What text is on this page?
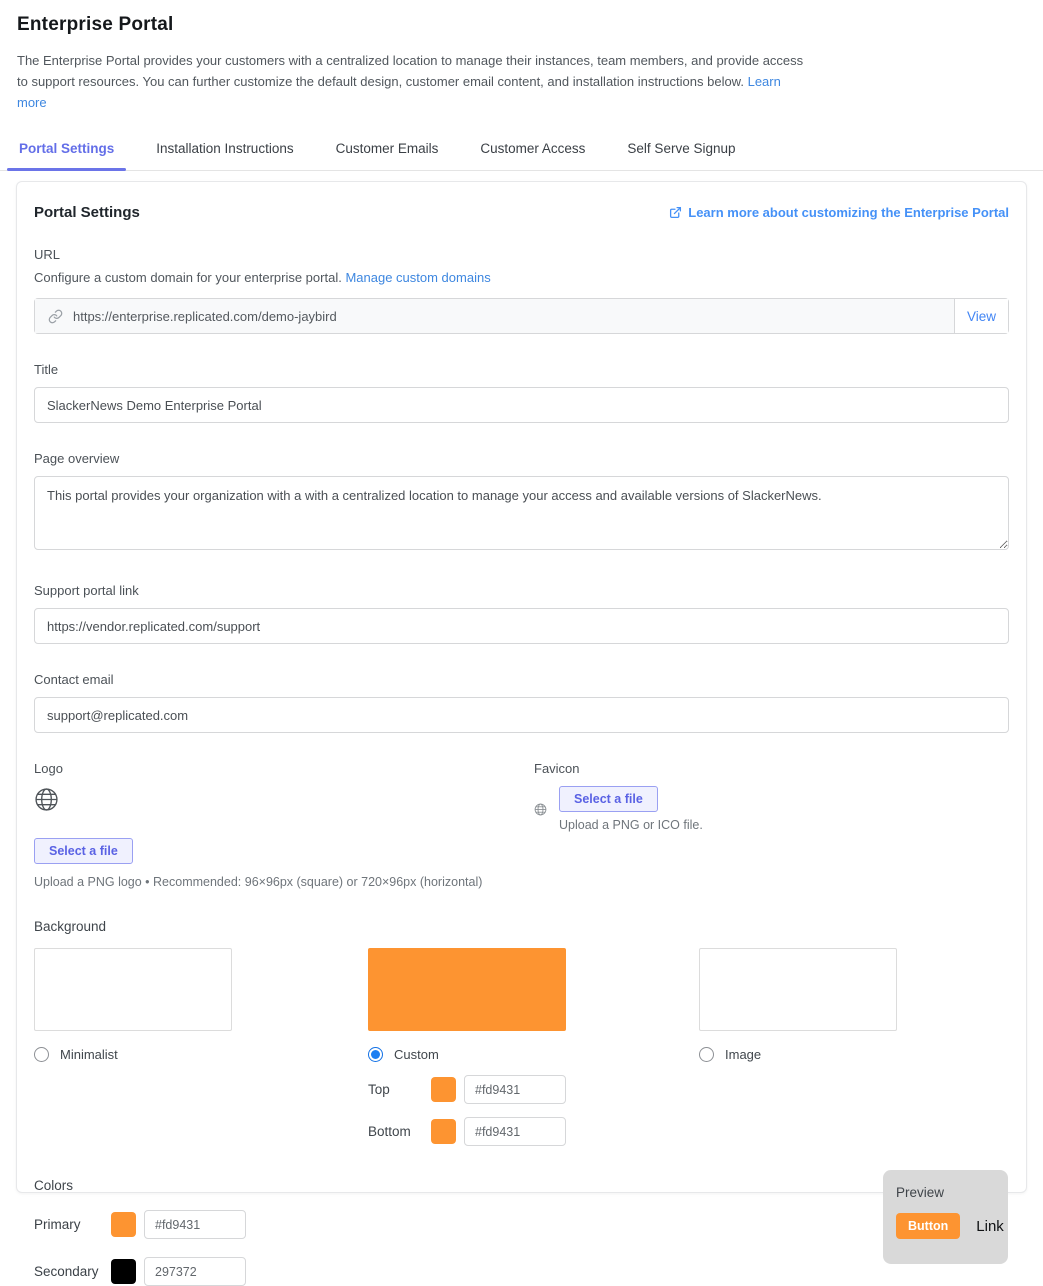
Enterprise Portal

The Enterprise Portal provides your customers with a centralized location to manage their instances, team members, and provide access to support resources. You can further customize the default design, customer email content, and installation instructions below. Learn more

Portal Settings	Installation Instructions	Customer Emails	Customer Access	Self Serve Signup
Portal Settings	Learn more about customizing the Enterprise Portal
URL

Configure a custom domain for your enterprise portal. Manage custom domains

https://enterprise.replicated.com/demo-jaybird	View
Title
SlackerNews Demo Enterprise Portal
Page overview
This portal provides your organization with a with a centralized location to manage your access and available versions of SlackerNews.
Support portal link
https://vendor.replicated.com/support
Contact email
support@replicated.com
Logo
Select a file
Upload a PNG logo • Recommended: 96×96px (square) or 720×96px (horizontal)
Favicon
Select a file
Upload a PNG or ICO file.
Background
Minimalist	Custom
Top
#fd9431
Bottom
#fd9431
Image
Colors
Primary
#fd9431
Secondary
297372
Preview
Button	Link
